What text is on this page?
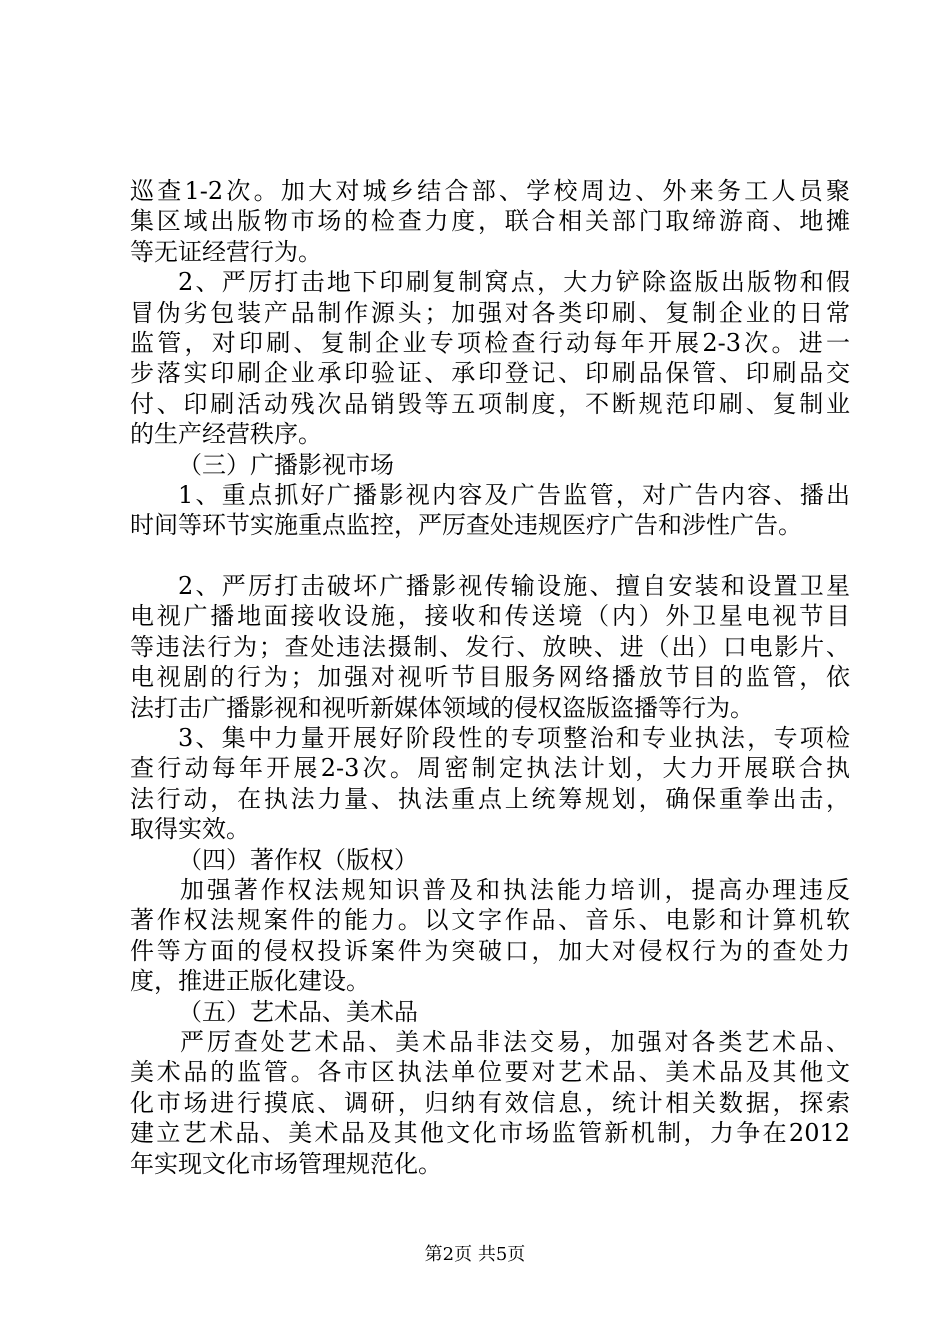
巡查1-2次。加大对城乡结合部、学校周边、外来务工人员聚
集区域出版物市场的检查力度，联合相关部门取缔游商、地摊
等无证经营行为。
2、严厉打击地下印刷复制窝点，大力铲除盗版出版物和假
冒伪劣包装产品制作源头；加强对各类印刷、复制企业的日常
监管，对印刷、复制企业专项检查行动每年开展2-3次。进一
步落实印刷企业承印验证、承印登记、印刷品保管、印刷品交
付、印刷活动残次品销毁等五项制度，不断规范印刷、复制业
的生产经营秩序。
（三）广播影视市场
1、重点抓好广播影视内容及广告监管，对广告内容、播出
时间等环节实施重点监控，严厉查处违规医疗广告和涉性广告。
2、严厉打击破坏广播影视传输设施、擅自安装和设置卫星
电视广播地面接收设施，接收和传送境（内）外卫星电视节目
等违法行为；查处违法摄制、发行、放映、进（出）口电影片、
电视剧的行为；加强对视听节目服务网络播放节目的监管，依
法打击广播影视和视听新媒体领域的侵权盗版盗播等行为。
3、集中力量开展好阶段性的专项整治和专业执法，专项检
查行动每年开展2-3次。周密制定执法计划，大力开展联合执
法行动，在执法力量、执法重点上统筹规划，确保重拳出击，
取得实效。
（四）著作权（版权）
加强著作权法规知识普及和执法能力培训，提高办理违反
著作权法规案件的能力。以文字作品、音乐、电影和计算机软
件等方面的侵权投诉案件为突破口，加大对侵权行为的查处力
度，推进正版化建设。
（五）艺术品、美术品
严厉查处艺术品、美术品非法交易，加强对各类艺术品、
美术品的监管。各市区执法单位要对艺术品、美术品及其他文
化市场进行摸底、调研，归纳有效信息，统计相关数据，探索
建立艺术品、美术品及其他文化市场监管新机制，力争在2012
年实现文化市场管理规范化。
第2页 共5页
